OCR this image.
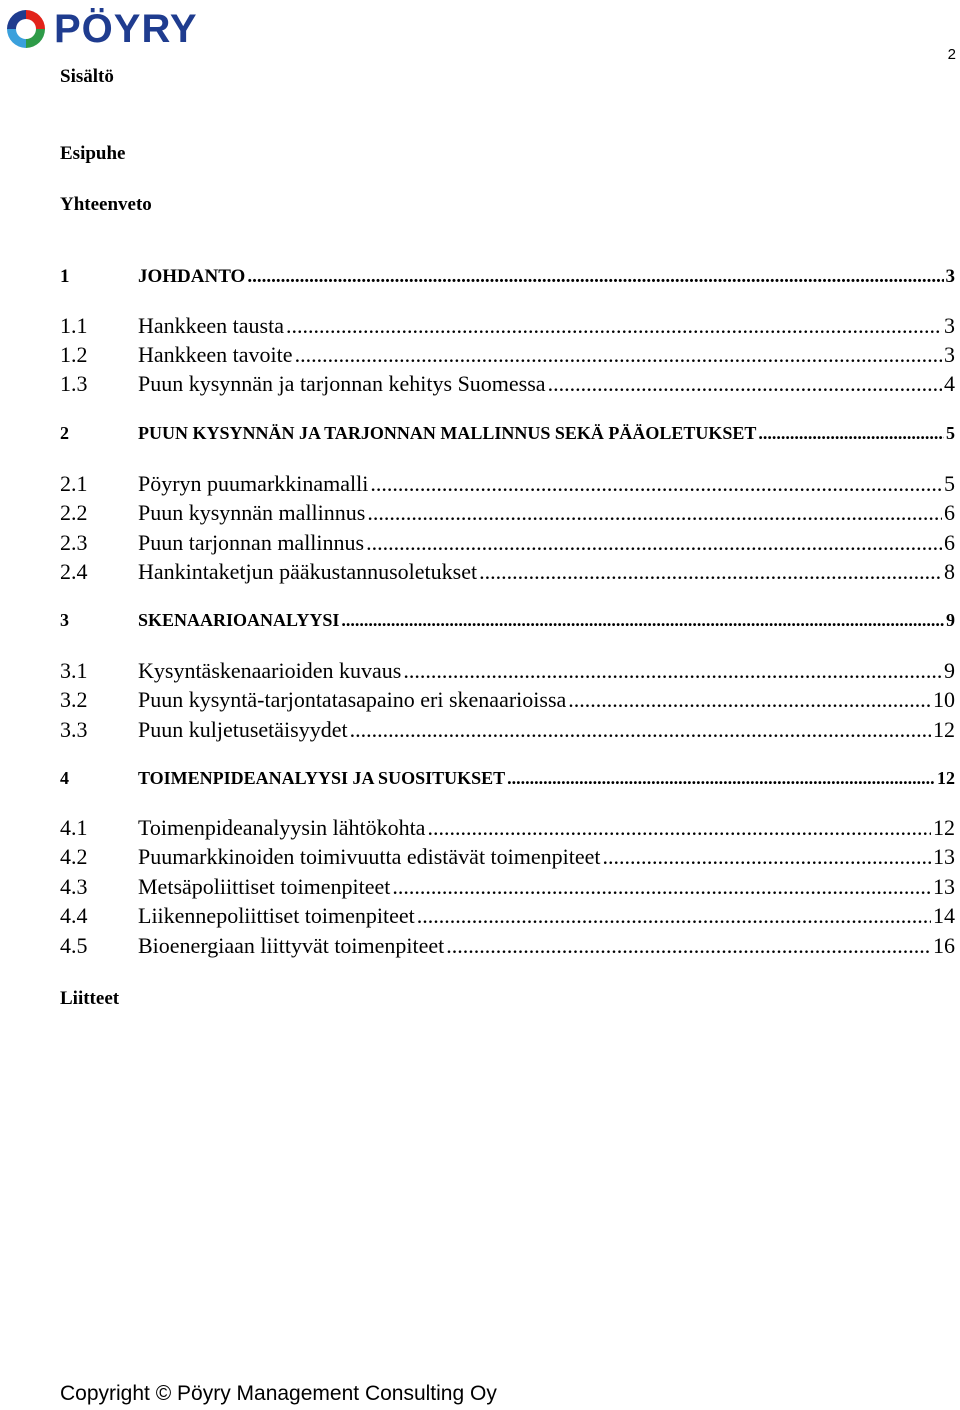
PÖYRY
2
Sisältö
Esipuhe
Yhteenveto
1	JOHDANTO .....	3
1.1	Hankkeen tausta .....	3
1.2	Hankkeen tavoite .....	3
1.3	Puun kysynnän ja tarjonnan kehitys Suomessa .....	4
2	PUUN KYSYNNÄN JA TARJONNAN MALLINNUS SEKÄ PÄÄOLETUKSET .....	5
2.1	Pöyryn puumarkkinamalli .....	5
2.2	Puun kysynnän mallinnus .....	6
2.3	Puun tarjonnan mallinnus .....	6
2.4	Hankintaketjun pääkustannusoletukset .....	8
3	SKENAARIOANALYYSI .....	9
3.1	Kysyntäskenaarioiden kuvaus .....	9
3.2	Puun kysyntä-tarjontatasapaino eri skenaarioissa .....	10
3.3	Puun kuljetusetäisyydet .....	12
4	TOIMENPIDEANALYYSI JA SUOSITUKSET .....	12
4.1	Toimenpideanalyysin lähtökohta .....	12
4.2	Puumarkkinoiden toimivuutta edistävät toimenpiteet .....	13
4.3	Metsäpoliittiset toimenpiteet .....	13
4.4	Liikennepoliittiset toimenpiteet .....	14
4.5	Bioenergiaan liittyvät toimenpiteet .....	16
Liitteet
Copyright © Pöyry Management Consulting Oy
